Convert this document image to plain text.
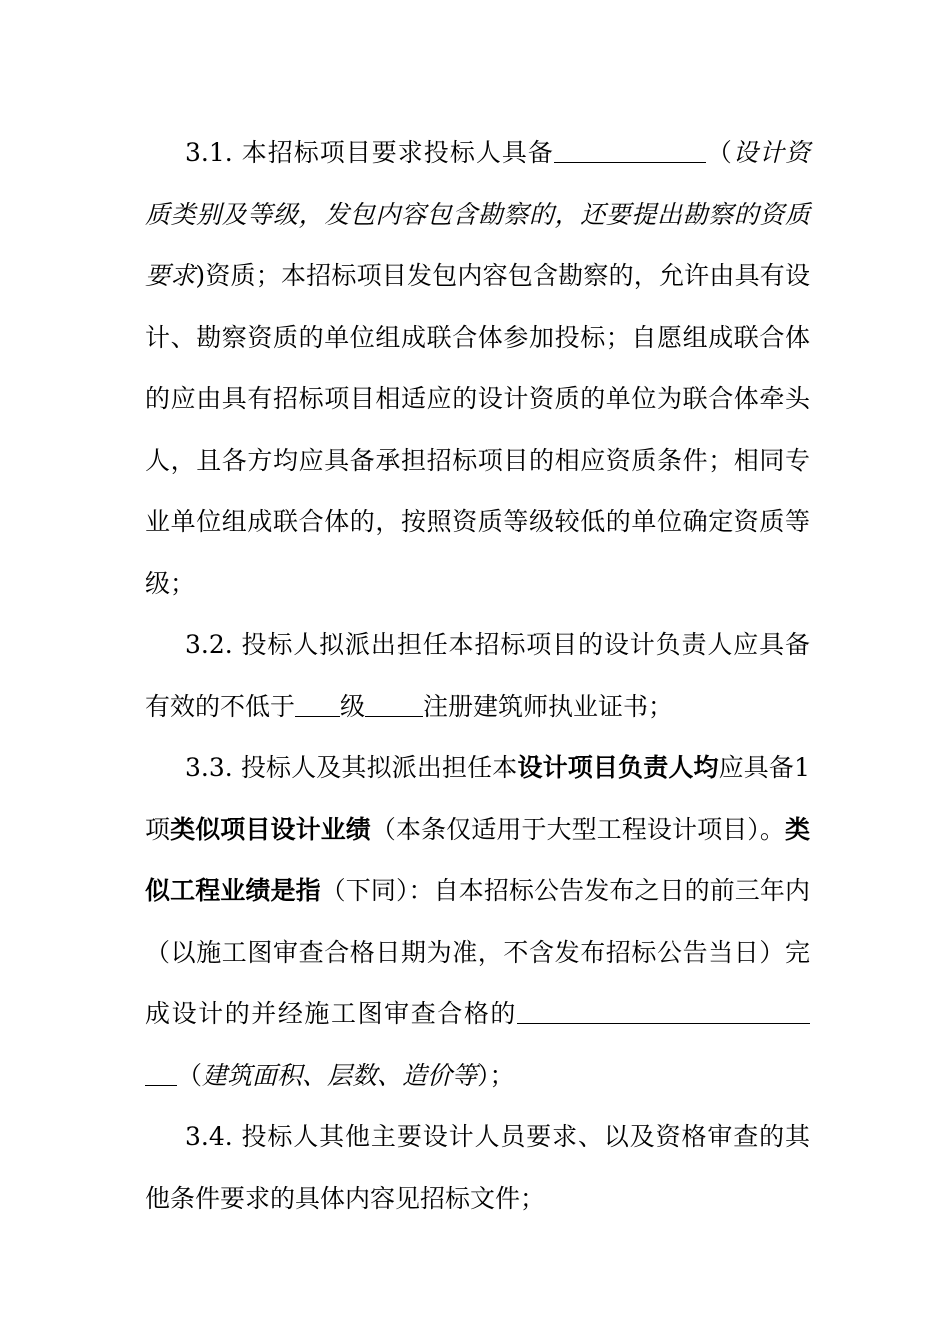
3.1. 本招标项目要求投标人具备	（设计资质类别及等级，发包内容包含勘察的，还要提出勘察的资质要求)资质；本招标项目发包内容包含勘察的，允许由具有设计、勘察资质的单位组成联合体参加投标；自愿组成联合体的应由具有招标项目相适应的设计资质的单位为联合体牵头人，且各方均应具备承担招标项目的相应资质条件；相同专业单位组成联合体的，按照资质等级较低的单位确定资质等级；

3.2. 投标人拟派出担任本招标项目的设计负责人应具备有效的不低于 级 注册建筑师执业证书；

3.3. 投标人及其拟派出担任本设计项目负责人均应具备1项类似项目设计业绩（本条仅适用于大型工程设计项目）。类似工程业绩是指（下同）：自本招标公告发布之日的前三年内（以施工图审查合格日期为准，不含发布招标公告当日）完成设计的并经施工图审查合格的（建筑面积、层数、造价等）；

3.4. 投标人其他主要设计人员要求、以及资格审查的其他条件要求的具体内容见招标文件；
